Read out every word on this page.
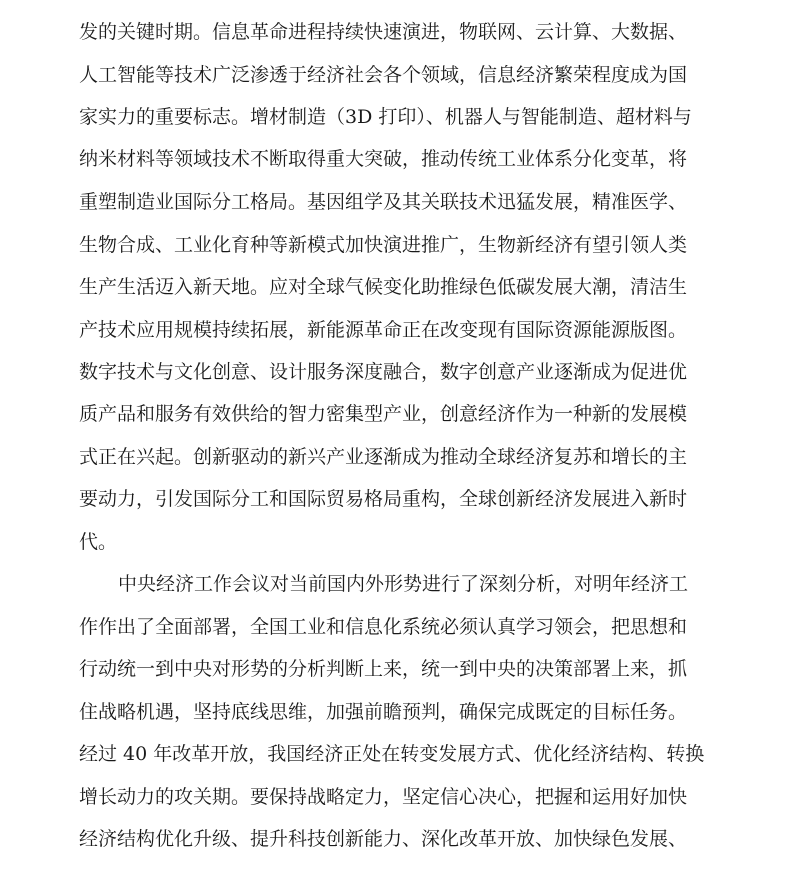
发的关键时期。信息革命进程持续快速演进，物联网、云计算、大数据、
人工智能等技术广泛渗透于经济社会各个领域，信息经济繁荣程度成为国
家实力的重要标志。增材制造（3D 打印）、机器人与智能制造、超材料与
纳米材料等领域技术不断取得重大突破，推动传统工业体系分化变革，将
重塑制造业国际分工格局。基因组学及其关联技术迅猛发展，精准医学、
生物合成、工业化育种等新模式加快演进推广，生物新经济有望引领人类
生产生活迈入新天地。应对全球气候变化助推绿色低碳发展大潮，清洁生
产技术应用规模持续拓展，新能源革命正在改变现有国际资源能源版图。
数字技术与文化创意、设计服务深度融合，数字创意产业逐渐成为促进优
质产品和服务有效供给的智力密集型产业，创意经济作为一种新的发展模
式正在兴起。创新驱动的新兴产业逐渐成为推动全球经济复苏和增长的主
要动力，引发国际分工和国际贸易格局重构，全球创新经济发展进入新时
代。
中央经济工作会议对当前国内外形势进行了深刻分析，对明年经济工
作作出了全面部署，全国工业和信息化系统必须认真学习领会，把思想和
行动统一到中央对形势的分析判断上来，统一到中央的决策部署上来，抓
住战略机遇，坚持底线思维，加强前瞻预判，确保完成既定的目标任务。
经过 40 年改革开放，我国经济正处在转变发展方式、优化经济结构、转换
增长动力的攻关期。要保持战略定力，坚定信心决心，把握和运用好加快
经济结构优化升级、提升科技创新能力、深化改革开放、加快绿色发展、
